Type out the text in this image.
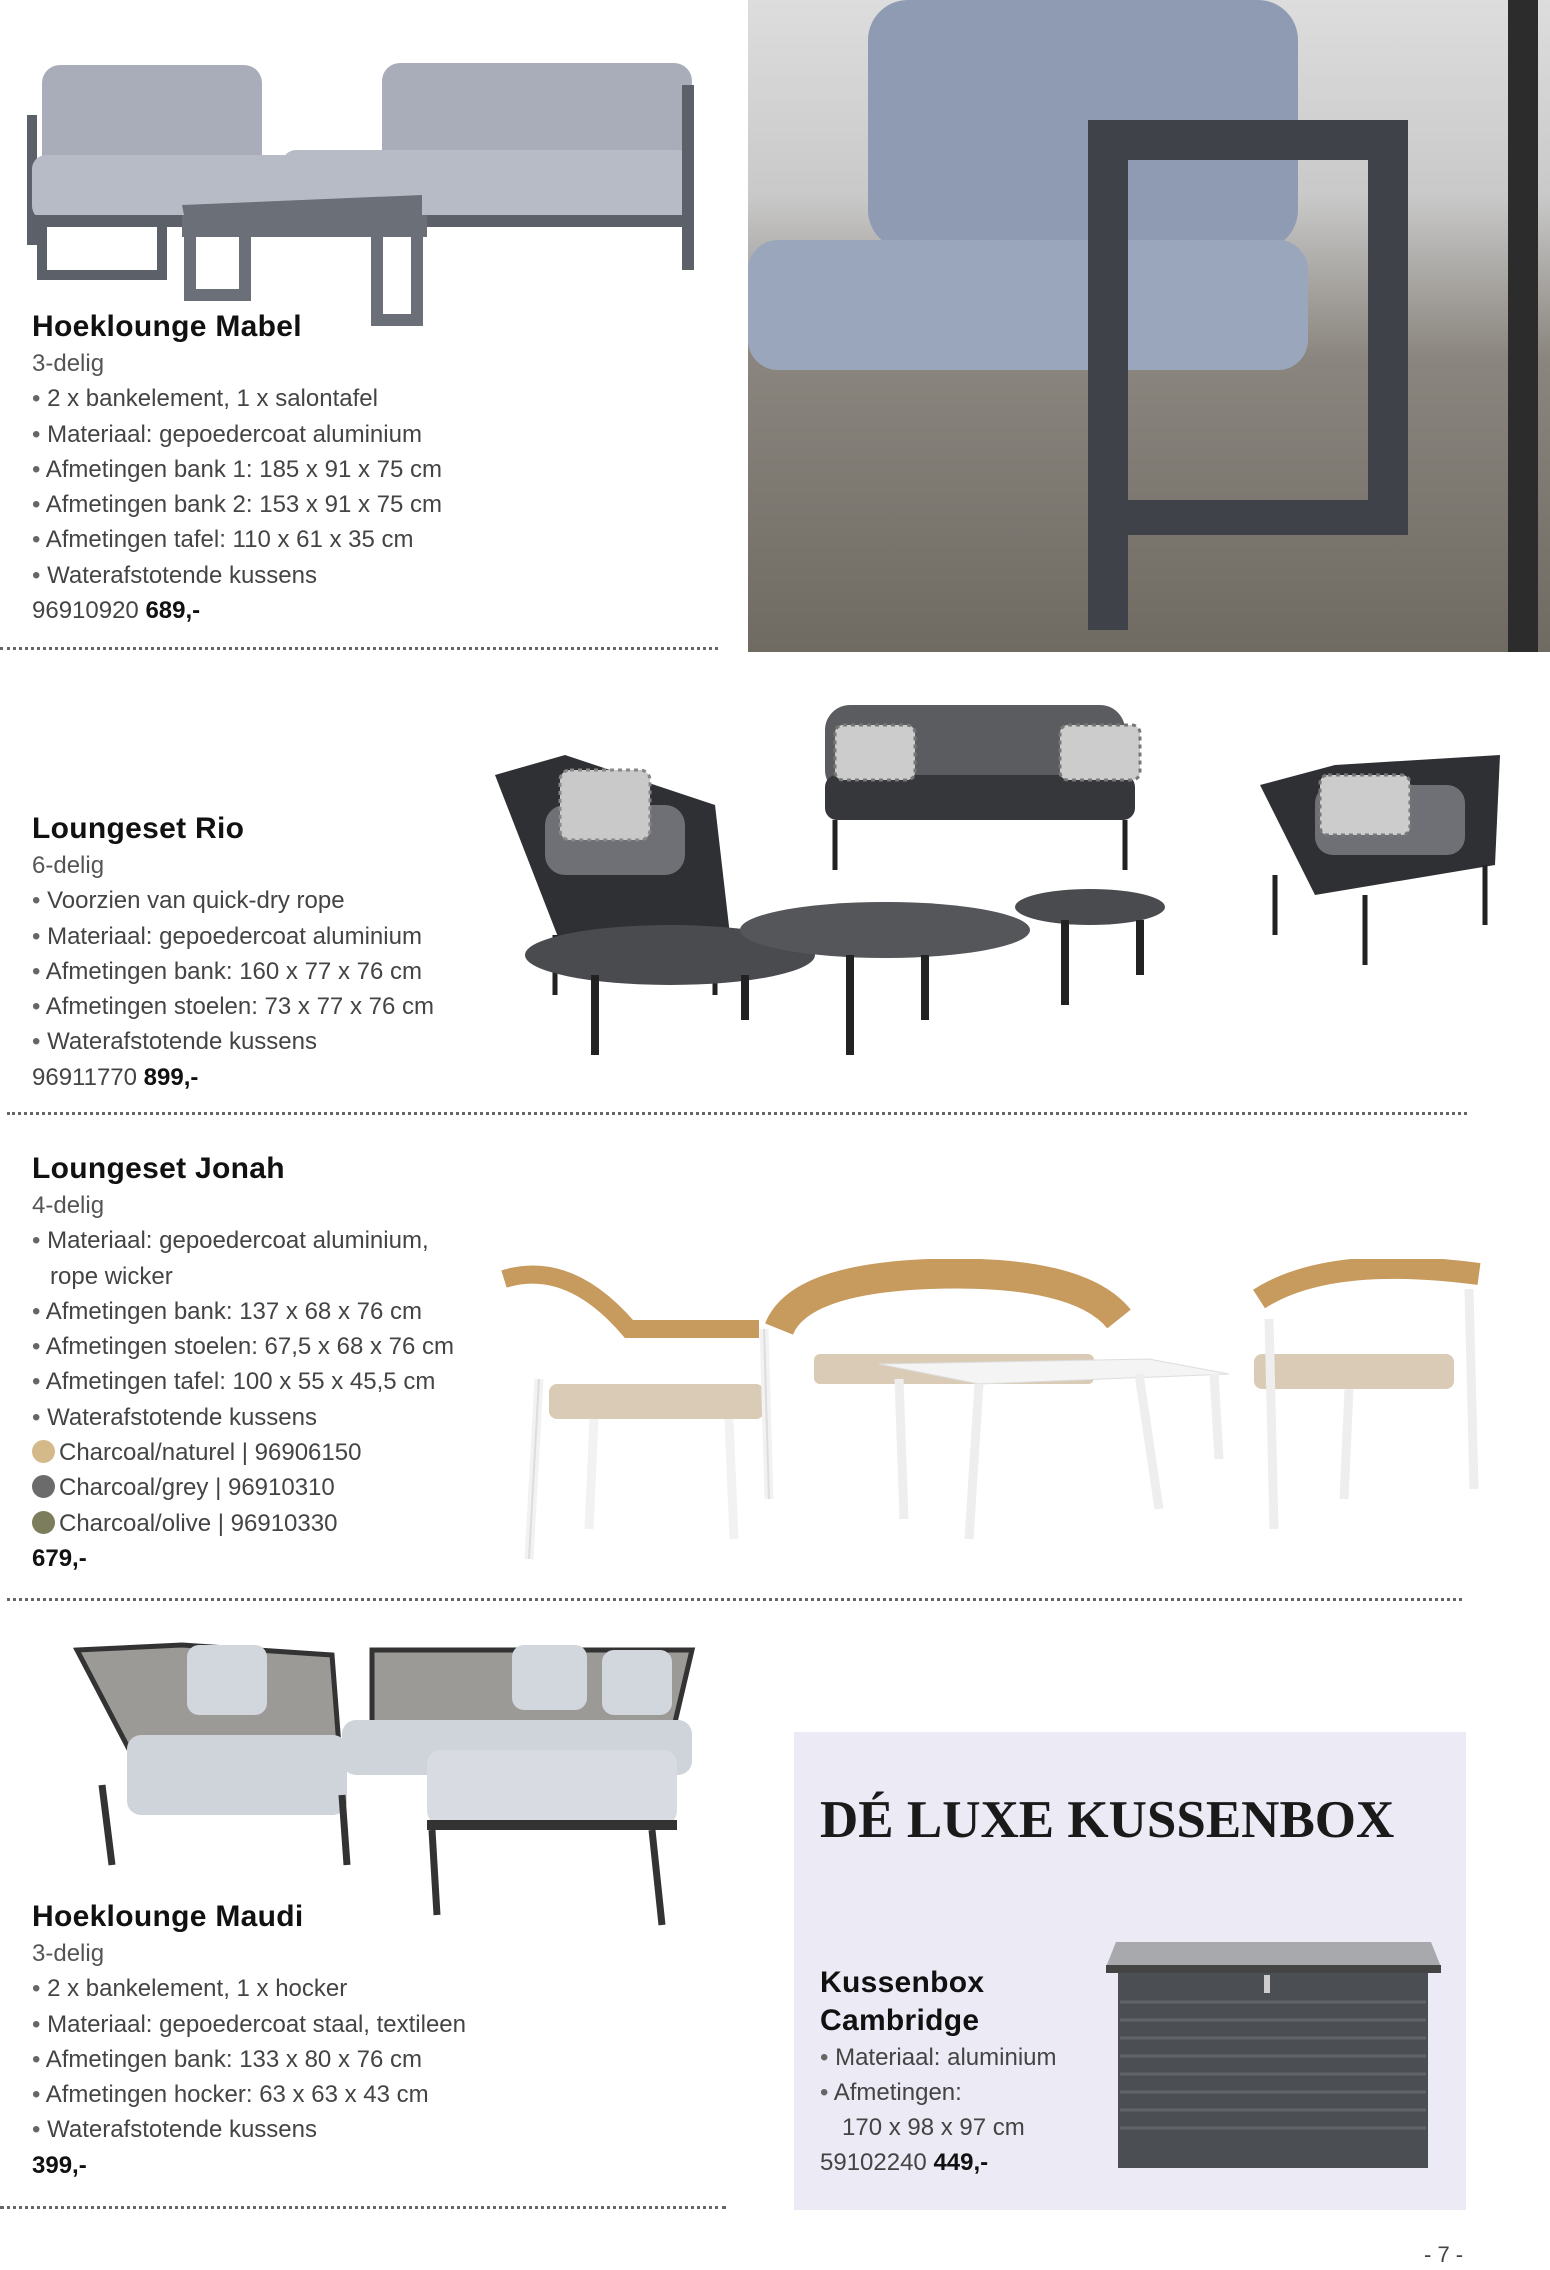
Hoeklounge Mabel
3-delig
• 2 x bankelement, 1 x salontafel
• Materiaal: gepoedercoat aluminium
• Afmetingen bank 1: 185 x 91 x 75 cm
• Afmetingen bank 2: 153 x 91 x 75 cm
• Afmetingen tafel: 110 x 61 x 35 cm
• Waterafstotende kussens
96910920 689,-
Loungeset Rio
6-delig
• Voorzien van quick-dry rope
• Materiaal: gepoedercoat aluminium
• Afmetingen bank: 160 x 77 x 76 cm
• Afmetingen stoelen: 73 x 77 x 76 cm
• Waterafstotende kussens
96911770 899,-
Loungeset Jonah
4-delig
• Materiaal: gepoedercoat aluminium,
rope wicker
• Afmetingen bank: 137 x 68 x 76 cm
• Afmetingen stoelen: 67,5 x 68 x 76 cm
• Afmetingen tafel: 100 x 55 x 45,5 cm
• Waterafstotende kussens
Charcoal/naturel | 96906150
Charcoal/grey | 96910310
Charcoal/olive | 96910330
679,-
Hoeklounge Maudi
3-delig
• 2 x bankelement, 1 x hocker
• Materiaal: gepoedercoat staal, textileen
• Afmetingen bank: 133 x 80 x 76 cm
• Afmetingen hocker: 63 x 63 x 43 cm
• Waterafstotende kussens
399,-
DÉ LUXE KUSSENBOX
Kussenbox
Cambridge
• Materiaal: aluminium
• Afmetingen:
170 x 98 x 97 cm
59102240 449,-
- 7 -
